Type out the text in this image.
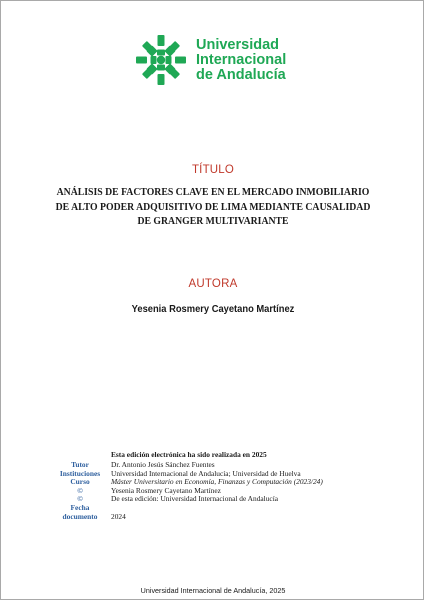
Universidad
Internacional
de Andalucía
TÍTULO
ANÁLISIS DE FACTORES CLAVE EN EL MERCADO INMOBILIARIO
DE ALTO PODER ADQUISITIVO DE LIMA MEDIANTE CAUSALIDAD
DE GRANGER MULTIVARIANTE
AUTORA
Yesenia Rosmery Cayetano Martínez
Esta edición electrónica ha sido realizada en 2025
Tutor
Instituciones
Curso
©
©
Fecha
documento
Dr. Antonio Jesús Sánchez Fuentes
Universidad Internacional de Andalucía; Universidad de Huelva
Máster Universitario en Economía, Finanzas y Computación (2023/24)
Yesenia Rosmery Cayetano Martínez
De esta edición: Universidad Internacional de Andalucía
2024
Universidad Internacional de Andalucía, 2025
